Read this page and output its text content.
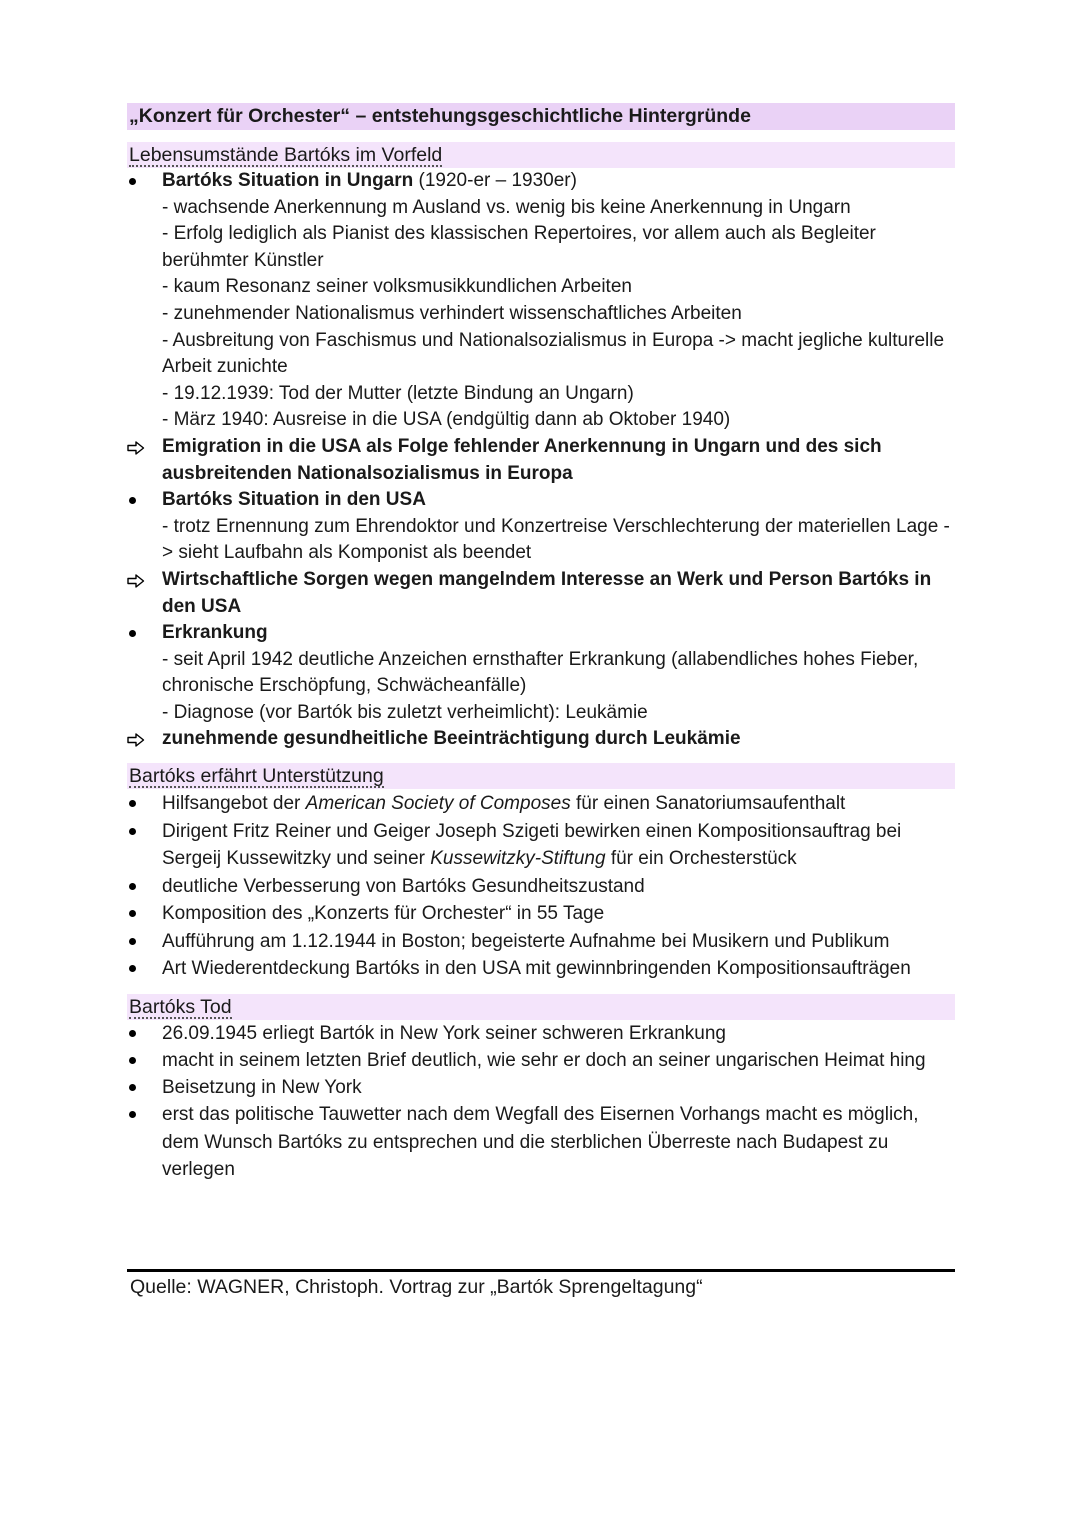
„Konzert für Orchester“ – entstehungsgeschichtliche Hintergründe
Lebensumstände Bartóks im Vorfeld
Bartóks Situation in Ungarn (1920-er – 1930er)
- wachsende Anerkennung m Ausland vs. wenig bis keine Anerkennung in Ungarn
- Erfolg lediglich als Pianist des klassischen Repertoires, vor allem auch als Begleiter berühmter Künstler
- kaum Resonanz seiner volksmusikkundlichen Arbeiten
- zunehmender Nationalismus verhindert wissenschaftliches Arbeiten
- Ausbreitung von Faschismus und Nationalsozialismus in Europa -> macht jegliche kulturelle Arbeit zunichte
- 19.12.1939: Tod der Mutter (letzte Bindung an Ungarn)
- März 1940: Ausreise in die USA (endgültig dann ab Oktober 1940)
Emigration in die USA als Folge fehlender Anerkennung in Ungarn und des sich ausbreitenden Nationalsozialismus in Europa
Bartóks Situation in den USA
- trotz Ernennung zum Ehrendoktor und Konzertreise Verschlechterung der materiellen Lage -> sieht Laufbahn als Komponist als beendet
Wirtschaftliche Sorgen wegen mangelndem Interesse an Werk und Person Bartóks in den USA
Erkrankung
- seit April 1942 deutliche Anzeichen ernsthafter Erkrankung (allabendliches hohes Fieber, chronische Erschöpfung, Schwächeanfälle)
- Diagnose (vor Bartók bis zuletzt verheimlicht): Leukämie
zunehmende gesundheitliche Beeinträchtigung durch Leukämie
Bartóks erfährt Unterstützung
Hilfsangebot der American Society of Composes für einen Sanatoriumsaufenthalt
Dirigent Fritz Reiner und Geiger Joseph Szigeti bewirken einen Kompositionsauftrag bei Sergeij Kussewitzky und seiner Kussewitzky-Stiftung für ein Orchesterstück
deutliche Verbesserung von Bartóks Gesundheitszustand
Komposition des „Konzerts für Orchester“ in 55 Tage
Aufführung am 1.12.1944 in Boston; begeisterte Aufnahme bei Musikern und Publikum
Art Wiederentdeckung Bartóks in den USA mit gewinnbringenden Kompositionsaufträgen
Bartóks Tod
26.09.1945 erliegt Bartók in New York seiner schweren Erkrankung
macht in seinem letzten Brief deutlich, wie sehr er doch an seiner ungarischen Heimat hing
Beisetzung in New York
erst das politische Tauwetter nach dem Wegfall des Eisernen Vorhangs macht es möglich, dem Wunsch Bartóks zu entsprechen und die sterblichen Überreste nach Budapest zu verlegen
Quelle: WAGNER, Christoph. Vortrag zur „Bartók Sprengeltagung“
